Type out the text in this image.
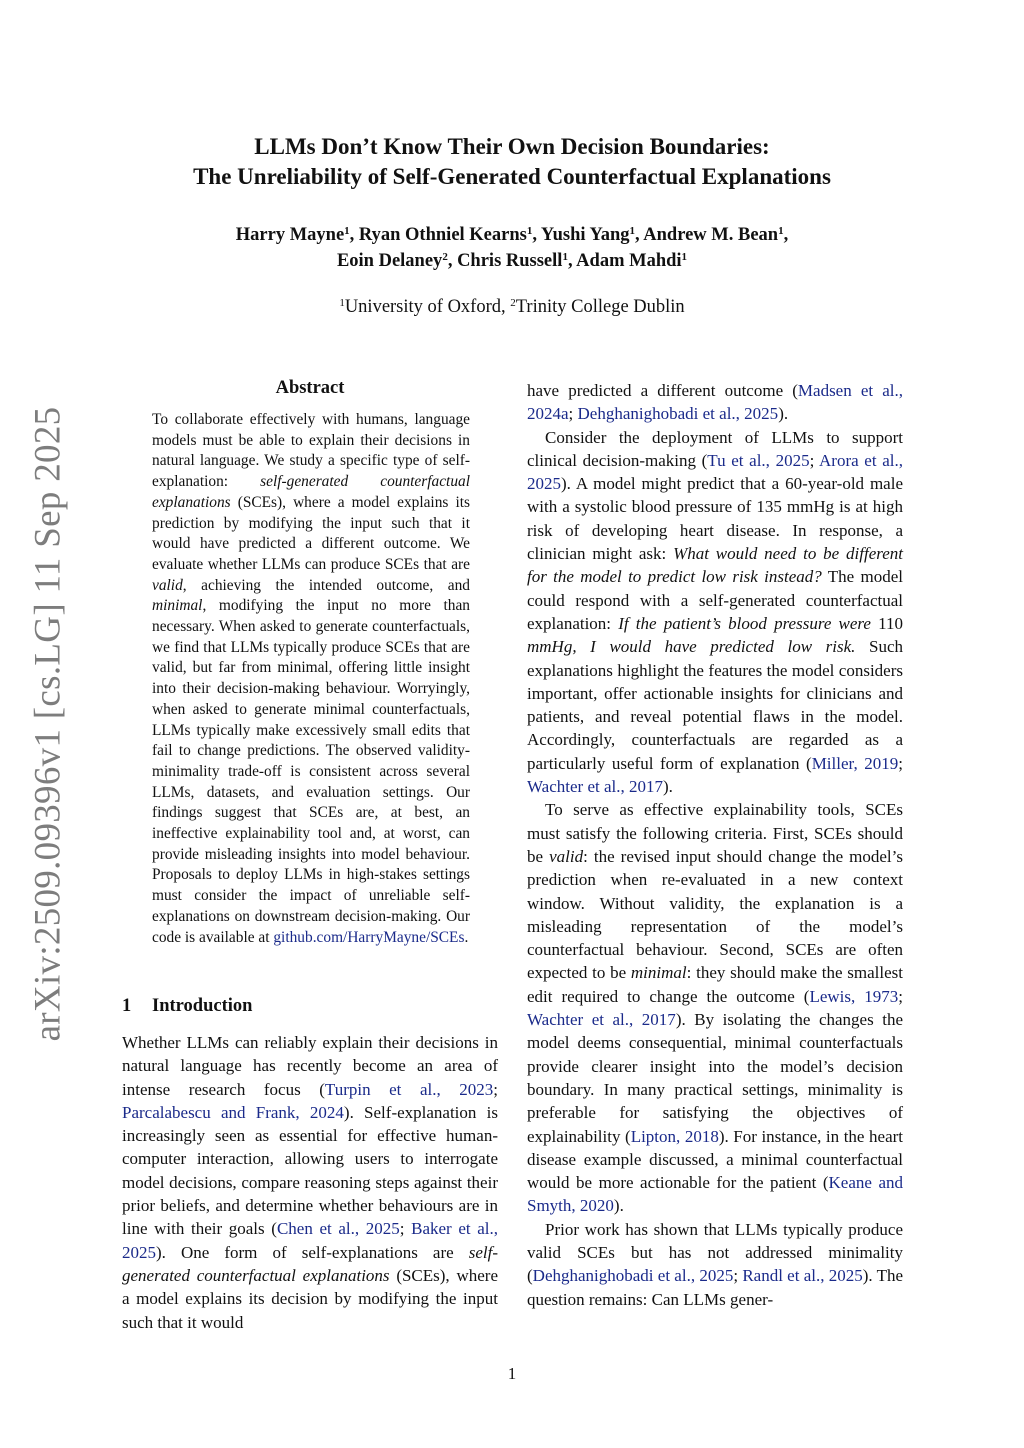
arXiv:2509.09396v1 [cs.LG] 11 Sep 2025
LLMs Don’t Know Their Own Decision Boundaries:
The Unreliability of Self-Generated Counterfactual Explanations
Harry Mayne$^1$, Ryan Othniel Kearns$^1$, Yushi Yang$^1$, Andrew M. Bean$^1$,
Eoin Delaney$^2$, Chris Russell$^1$, Adam Mahdi$^1$
$^1$University of Oxford, $^2$Trinity College Dublin
Abstract
To collaborate effectively with humans, language models must be able to explain their decisions in natural language. We study a specific type of self-explanation: self-generated counterfactual explanations (SCEs), where a model explains its prediction by modifying the input such that it would have predicted a different outcome. We evaluate whether LLMs can produce SCEs that are valid, achieving the intended outcome, and minimal, modifying the input no more than necessary. When asked to generate counterfactuals, we find that LLMs typically produce SCEs that are valid, but far from minimal, offering little insight into their decision-making behaviour. Worryingly, when asked to generate minimal counterfactuals, LLMs typically make excessively small edits that fail to change predictions. The observed validity-minimality trade-off is consistent across several LLMs, datasets, and evaluation settings. Our findings suggest that SCEs are, at best, an ineffective explainability tool and, at worst, can provide misleading insights into model behaviour. Proposals to deploy LLMs in high-stakes settings must consider the impact of unreliable self-explanations on downstream decision-making. Our code is available at github.com/HarryMayne/SCEs.
1 Introduction
Whether LLMs can reliably explain their decisions in natural language has recently become an area of intense research focus (Turpin et al., 2023; Parcalabescu and Frank, 2024). Self-explanation is increasingly seen as essential for effective human-computer interaction, allowing users to interrogate model decisions, compare reasoning steps against their prior beliefs, and determine whether behaviours are in line with their goals (Chen et al., 2025; Baker et al., 2025). One form of self-explanations are self-generated counterfactual explanations (SCEs), where a model explains its decision by modifying the input such that it would

have predicted a different outcome (Madsen et al., 2024a; Dehghanighobadi et al., 2025).

Consider the deployment of LLMs to support clinical decision-making (Tu et al., 2025; Arora et al., 2025). A model might predict that a 60-year-old male with a systolic blood pressure of 135 mmHg is at high risk of developing heart disease. In response, a clinician might ask: What would need to be different for the model to predict low risk instead? The model could respond with a self-generated counterfactual explanation: If the patient’s blood pressure were 110 mmHg, I would have predicted low risk. Such explanations highlight the features the model considers important, offer actionable insights for clinicians and patients, and reveal potential flaws in the model. Accordingly, counterfactuals are regarded as a particularly useful form of explanation (Miller, 2019; Wachter et al., 2017).

To serve as effective explainability tools, SCEs must satisfy the following criteria. First, SCEs should be valid: the revised input should change the model’s prediction when re-evaluated in a new context window. Without validity, the explanation is a misleading representation of the model’s counterfactual behaviour. Second, SCEs are often expected to be minimal: they should make the smallest edit required to change the outcome (Lewis, 1973; Wachter et al., 2017). By isolating the changes the model deems consequential, minimal counterfactuals provide clearer insight into the model’s decision boundary. In many practical settings, minimality is preferable for satisfying the objectives of explainability (Lipton, 2018). For instance, in the heart disease example discussed, a minimal counterfactual would be more actionable for the patient (Keane and Smyth, 2020).

Prior work has shown that LLMs typically produce valid SCEs but has not addressed minimality (Dehghanighobadi et al., 2025; Randl et al., 2025). The question remains: Can LLMs gener-

1
